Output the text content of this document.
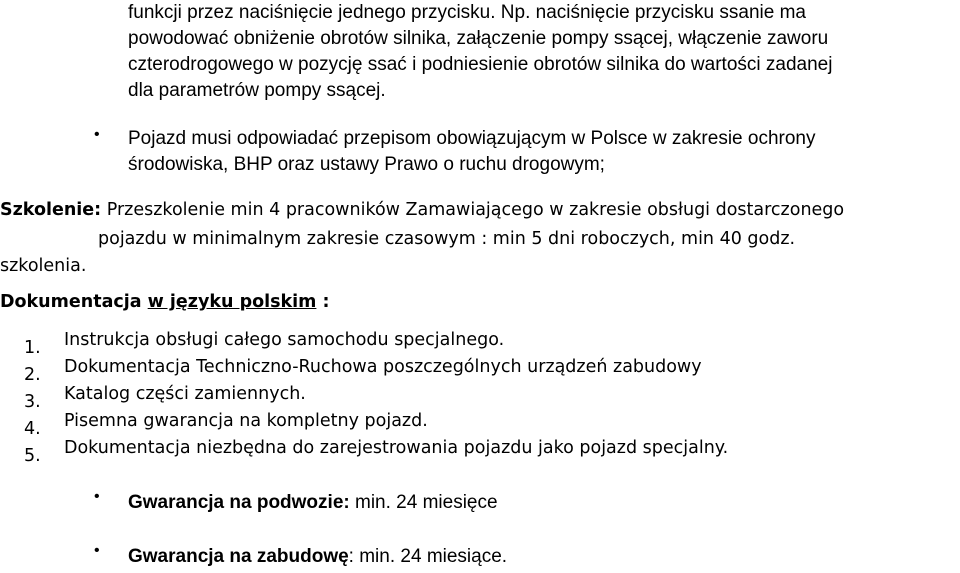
funkcji przez naciśnięcie jednego przycisku. Np. naciśnięcie przycisku ssanie ma
powodować obniżenie obrotów silnika, załączenie pompy ssącej, włączenie zaworu
czterodrogowego w pozycję ssać i podniesienie obrotów silnika do wartości zadanej
dla parametrów pompy ssącej.
• Pojazd musi odpowiadać przepisom obowiązującym w Polsce w zakresie ochrony
środowiska, BHP oraz ustawy Prawo o ruchu drogowym;
Szkolenie: Przeszkolenie min 4 pracowników Zamawiającego w zakresie obsługi dostarczonego
pojazdu w minimalnym zakresie czasowym : min 5 dni roboczych, min 40 godz.
szkolenia.
Dokumentacja w języku polskim :
1. Instrukcja obsługi całego samochodu specjalnego.
2. Dokumentacja Techniczno-Ruchowa poszczególnych urządzeń zabudowy
3. Katalog części zamiennych.
4. Pisemna gwarancja na kompletny pojazd.
5. Dokumentacja niezbędna do zarejestrowania pojazdu jako pojazd specjalny.
• Gwarancja na podwozie: min. 24 miesięce
• Gwarancja na zabudowę: min. 24 miesiące.
